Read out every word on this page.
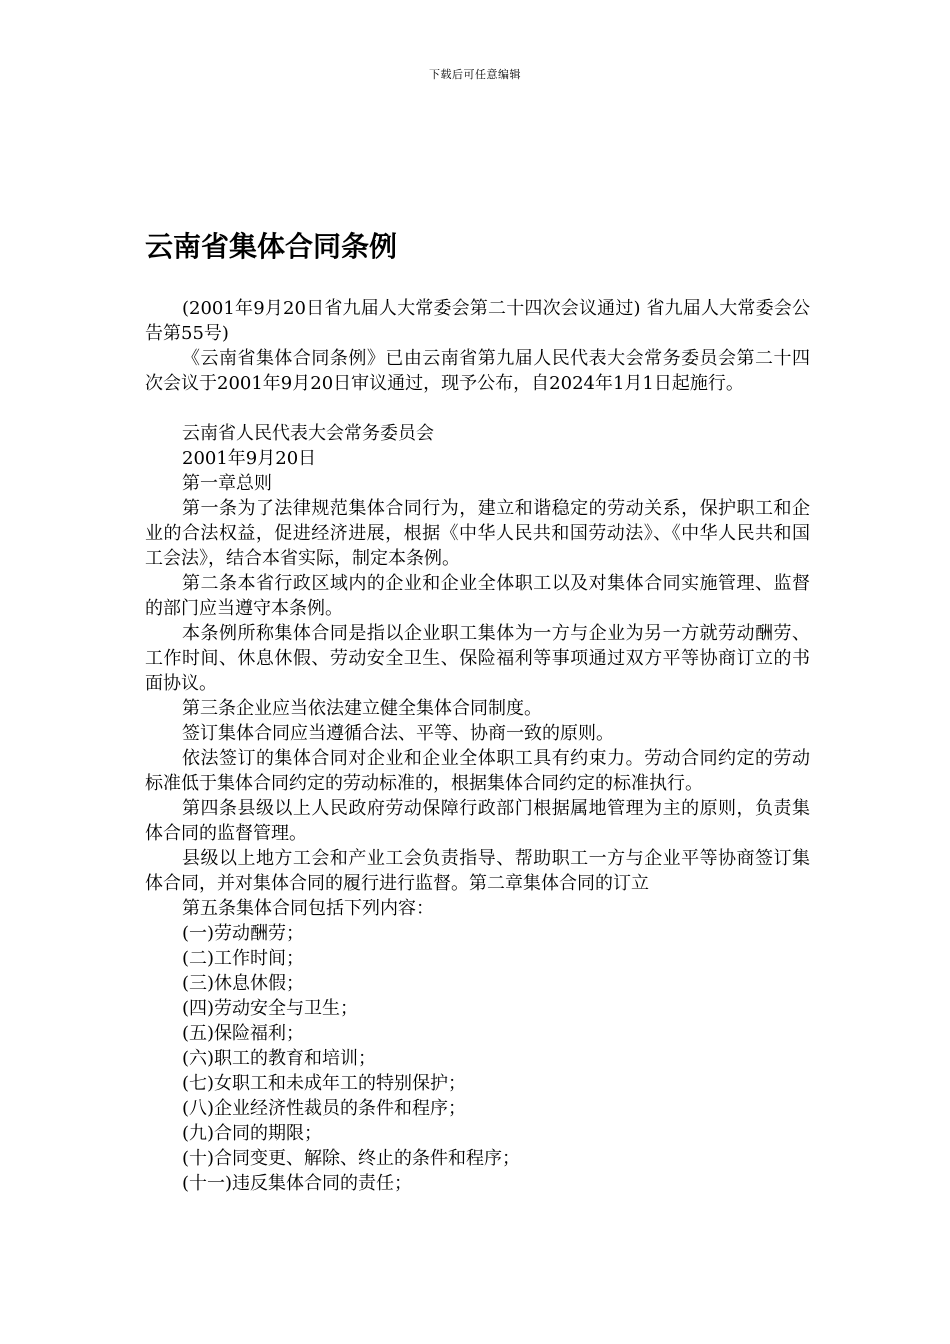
下载后可任意编辑
云南省集体合同条例

(2001年9月20日省九届人大常委会第二十四次会议通过) 省九届人大常委会公告第55号)

《云南省集体合同条例》已由云南省第九届人民代表大会常务委员会第二十四次会议于2001年9月20日审议通过，现予公布，自2024年1月1日起施行。

云南省人民代表大会常务委员会

2001年9月20日

第一章总则

第一条为了法律规范集体合同行为，建立和谐稳定的劳动关系，保护职工和企业的合法权益，促进经济进展，根据《中华人民共和国劳动法》、《中华人民共和国工会法》，结合本省实际，制定本条例。

第二条本省行政区域内的企业和企业全体职工以及对集体合同实施管理、监督的部门应当遵守本条例。

本条例所称集体合同是指以企业职工集体为一方与企业为另一方就劳动酬劳、工作时间、休息休假、劳动安全卫生、保险福利等事项通过双方平等协商订立的书面协议。

第三条企业应当依法建立健全集体合同制度。

签订集体合同应当遵循合法、平等、协商一致的原则。

依法签订的集体合同对企业和企业全体职工具有约束力。劳动合同约定的劳动标准低于集体合同约定的劳动标准的，根据集体合同约定的标准执行。

第四条县级以上人民政府劳动保障行政部门根据属地管理为主的原则，负责集体合同的监督管理。

县级以上地方工会和产业工会负责指导、帮助职工一方与企业平等协商签订集体合同，并对集体合同的履行进行监督。第二章集体合同的订立

第五条集体合同包括下列内容：

(一)劳动酬劳；

(二)工作时间；

(三)休息休假；

(四)劳动安全与卫生；

(五)保险福利；

(六)职工的教育和培训；

(七)女职工和未成年工的特别保护；

(八)企业经济性裁员的条件和程序；

(九)合同的期限；

(十)合同变更、解除、终止的条件和程序；

(十一)违反集体合同的责任；
